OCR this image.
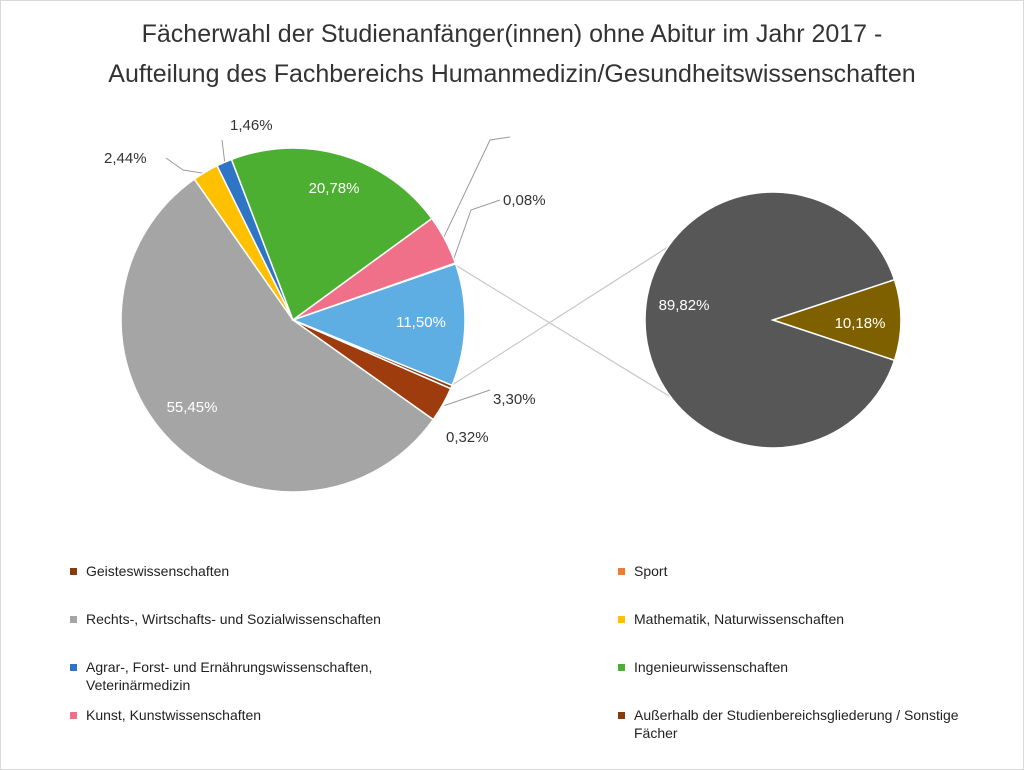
Fächerwahl der Studienanfänger(innen) ohne Abitur im Jahr 2017 -
Aufteilung des Fachbereichs Humanmedizin/Gesundheitswissenschaften
55,45%
20,78%
11,50%
2,44%
1,46%
0,08%
3,30%
0,32%
89,82%
10,18%
Geisteswissenschaften	Sport
Rechts-, Wirtschafts- und Sozialwissenschaften	Mathematik, Naturwissenschaften
Agrar-, Forst- und Ernährungswissenschaften, Veterinärmedizin
Ingenieurwissenschaften
Kunst, Kunstwissenschaften	Außerhalb der Studienbereichsgliederung / Sonstige Fächer
